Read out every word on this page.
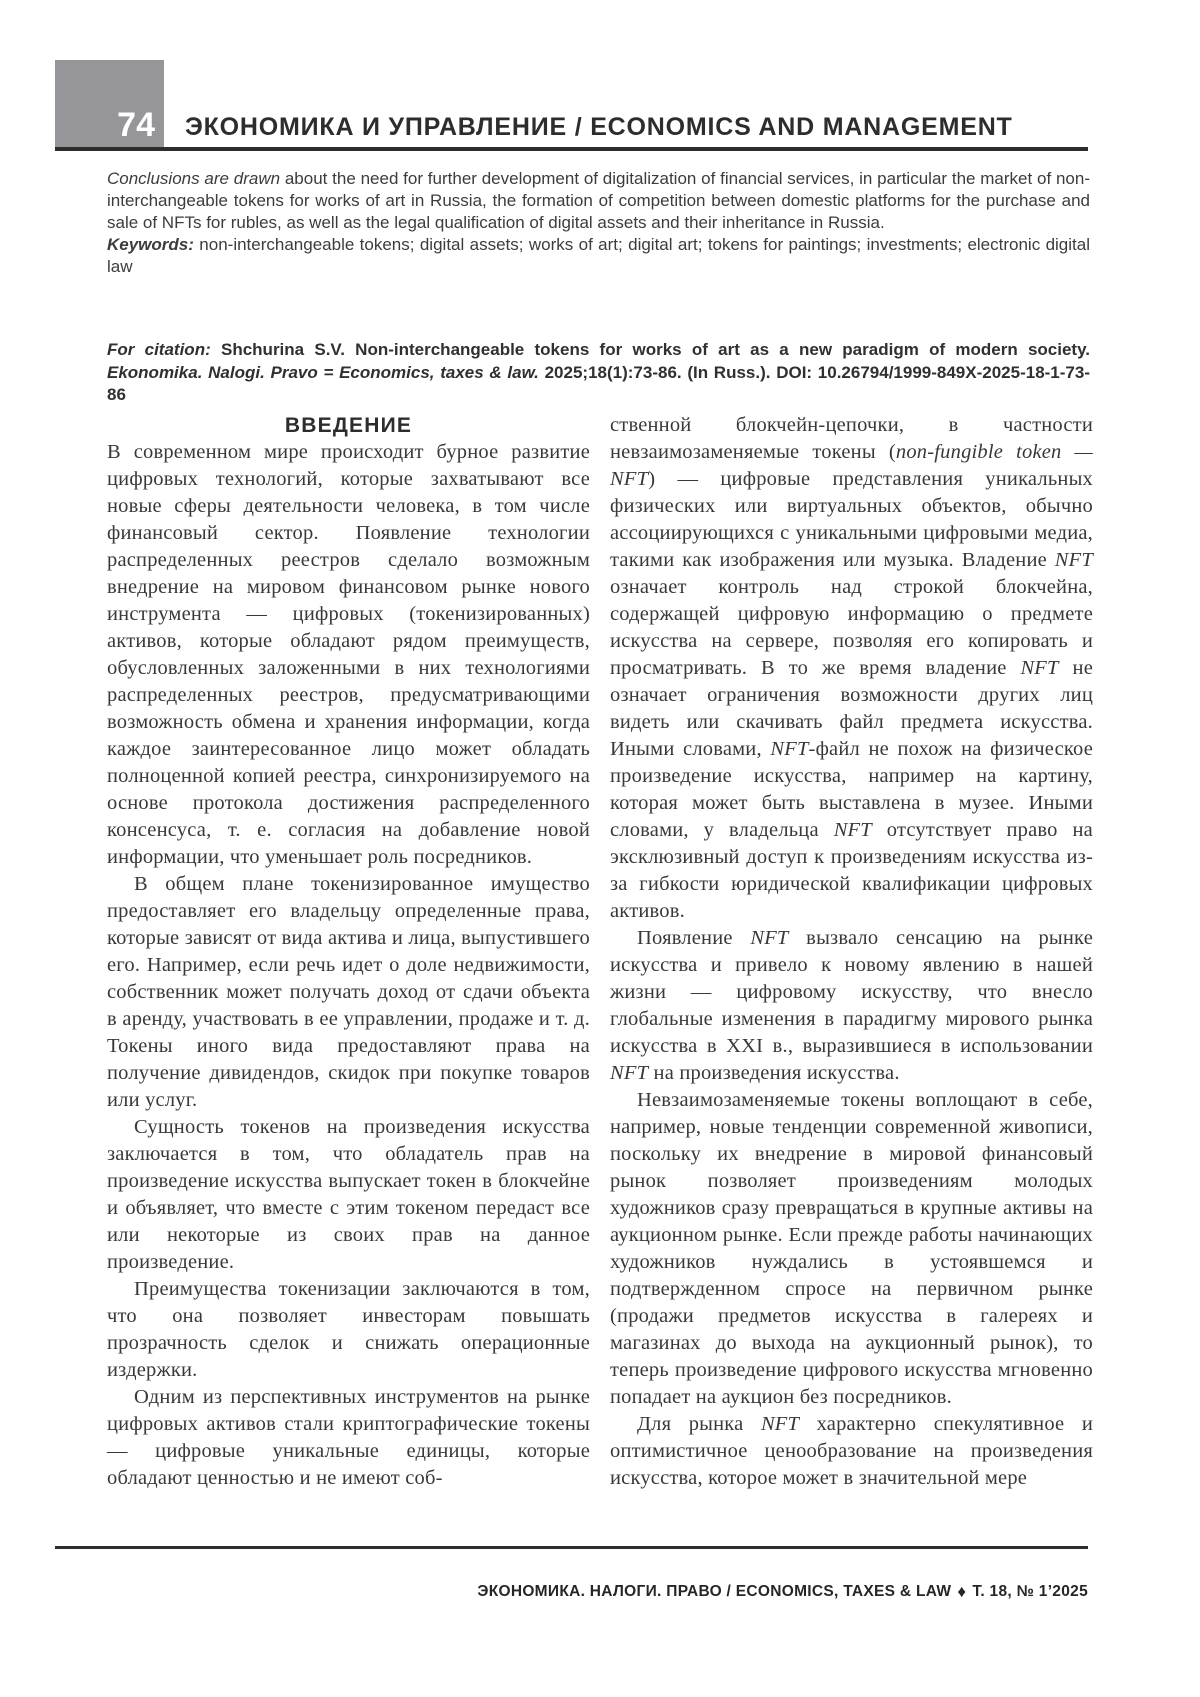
74 ЭКОНОМИКА И УПРАВЛЕНИЕ / ECONOMICS AND MANAGEMENT

Conclusions are drawn about the need for further development of digitalization of financial services, in particular the market of non-interchangeable tokens for works of art in Russia, the formation of competition between domestic platforms for the purchase and sale of NFTs for rubles, as well as the legal qualification of digital assets and their inheritance in Russia.

Keywords: non-interchangeable tokens; digital assets; works of art; digital art; tokens for paintings; investments; electronic digital law

For citation: Shchurina S.V. Non-interchangeable tokens for works of art as a new paradigm of modern society. Ekonomika. Nalogi. Pravo = Economics, taxes & law. 2025;18(1):73-86. (In Russ.). DOI: 10.26794/1999-849X-2025-18-1-73-86

ВВЕДЕНИЕ

В современном мире происходит бурное развитие цифровых технологий, которые захватывают все новые сферы деятельности человека, в том числе финансовый сектор. Появление технологии распределенных реестров сделало возможным внедрение на мировом финансовом рынке нового инструмента — цифровых (токенизированных) активов, которые обладают рядом преимуществ, обусловленных заложенными в них технологиями распределенных реестров, предусматривающими возможность обмена и хранения информации, когда каждое заинтересованное лицо может обладать полноценной копией реестра, синхронизируемого на основе протокола достижения распределенного консенсуса, т. е. согласия на добавление новой информации, что уменьшает роль посредников.

В общем плане токенизированное имущество предоставляет его владельцу определенные права, которые зависят от вида актива и лица, выпустившего его. Например, если речь идет о доле недвижимости, собственник может получать доход от сдачи объекта в аренду, участвовать в ее управлении, продаже и т. д. Токены иного вида предоставляют права на получение дивидендов, скидок при покупке товаров или услуг.

Сущность токенов на произведения искусства заключается в том, что обладатель прав на произведение искусства выпускает токен в блокчейне и объявляет, что вместе с этим токеном передаст все или некоторые из своих прав на данное произведение.

Преимущества токенизации заключаются в том, что она позволяет инвесторам повышать прозрачность сделок и снижать операционные издержки.

Одним из перспективных инструментов на рынке цифровых активов стали криптографические токены — цифровые уникальные единицы, которые обладают ценностью и не имеют соб-

ственной блокчейн-цепочки, в частности невзаимозаменяемые токены (non-fungible token — NFT) — цифровые представления уникальных физических или виртуальных объектов, обычно ассоциирующихся с уникальными цифровыми медиа, такими как изображения или музыка. Владение NFT означает контроль над строкой блокчейна, содержащей цифровую информацию о предмете искусства на сервере, позволяя его копировать и просматривать. В то же время владение NFT не означает ограничения возможности других лиц видеть или скачивать файл предмета искусства. Иными словами, NFT-файл не похож на физическое произведение искусства, например на картину, которая может быть выставлена в музее. Иными словами, у владельца NFT отсутствует право на эксклюзивный доступ к произведениям искусства из-за гибкости юридической квалификации цифровых активов.

Появление NFT вызвало сенсацию на рынке искусства и привело к новому явлению в нашей жизни — цифровому искусству, что внесло глобальные изменения в парадигму мирового рынка искусства в XXI в., выразившиеся в использовании NFT на произведения искусства.

Невзаимозаменяемые токены воплощают в себе, например, новые тенденции современной живописи, поскольку их внедрение в мировой финансовый рынок позволяет произведениям молодых художников сразу превращаться в крупные активы на аукционном рынке. Если прежде работы начинающих художников нуждались в устоявшемся и подтвержденном спросе на первичном рынке (продажи предметов искусства в галереях и магазинах до выхода на аукционный рынок), то теперь произведение цифрового искусства мгновенно попадает на аукцион без посредников.

Для рынка NFT характерно спекулятивное и оптимистичное ценообразование на произведения искусства, которое может в значительной мере

ЭКОНОМИКА. НАЛОГИ. ПРАВО / ECONOMICS, TAXES & LAW ♦ Т. 18, № 1’2025
